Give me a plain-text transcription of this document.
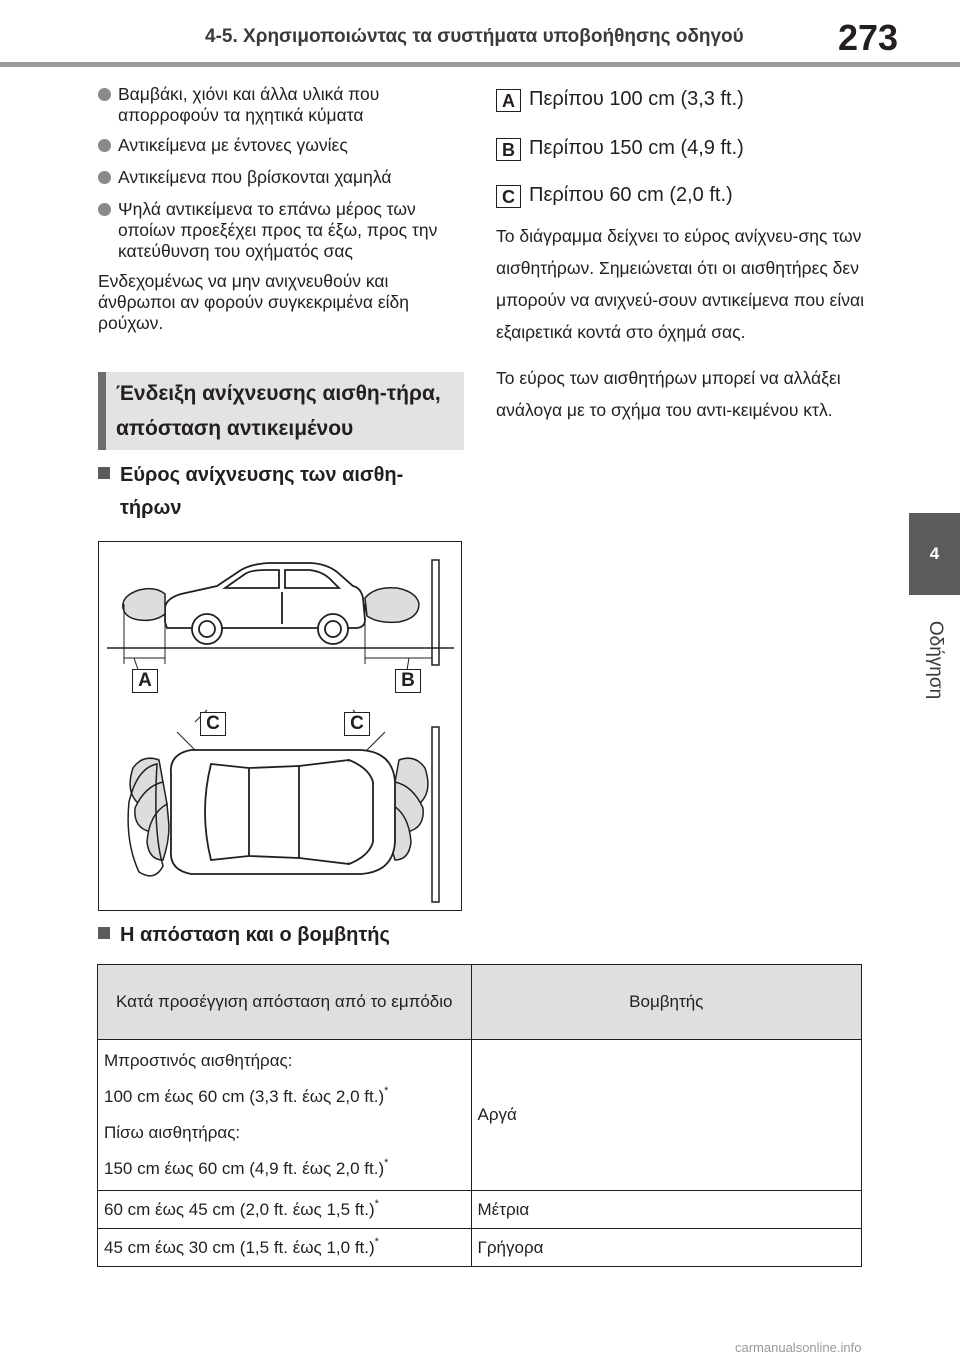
4-5. Χρησιμοποιώντας τα συστήματα υποβοήθησης οδηγού	273
4
Οδήγηση
Βαμβάκι, χιόνι και άλλα υλικά που απορροφούν τα ηχητικά κύματα
Αντικείμενα με έντονες γωνίες
Αντικείμενα που βρίσκονται χαμηλά
Ψηλά αντικείμενα το επάνω μέρος των οποίων προεξέχει προς τα έξω, προς την κατεύθυνση του οχήματός σας
Ενδεχομένως να μην ανιχνευθούν και άνθρωποι αν φορούν συγκεκριμένα είδη ρούχων.
Ένδειξη ανίχνευσης αισθη-τήρα, απόσταση αντικειμένου
Εύρος ανίχνευσης των αισθη-
τήρων
A	B
C	C
Η απόσταση και ο βομβητής
A Περίπου 100 cm (3,3 ft.)
B Περίπου 150 cm (4,9 ft.)
C Περίπου 60 cm (2,0 ft.)
Το διάγραμμα δείχνει το εύρος ανίχνευ-σης των αισθητήρων. Σημειώνεται ότι οι αισθητήρες δεν μπορούν να ανιχνεύ-σουν αντικείμενα που είναι εξαιρετικά κοντά στο όχημά σας.
Το εύρος των αισθητήρων μπορεί να αλλάξει ανάλογα με το σχήμα του αντι-κειμένου κτλ.
Κατά προσέγγιση απόσταση από το εμπόδιο	Βομβητής

Μπροστινός αισθητήρας:

100 cm έως 60 cm (3,3 ft. έως 2,0 ft.)*

Πίσω αισθητήρας:

150 cm έως 60 cm (4,9 ft. έως 2,0 ft.)*	Αργά
60 cm έως 45 cm (2,0 ft. έως 1,5 ft.)*	Μέτρια
45 cm έως 30 cm (1,5 ft. έως 1,0 ft.)*	Γρήγορα
carmanualsonline.info
